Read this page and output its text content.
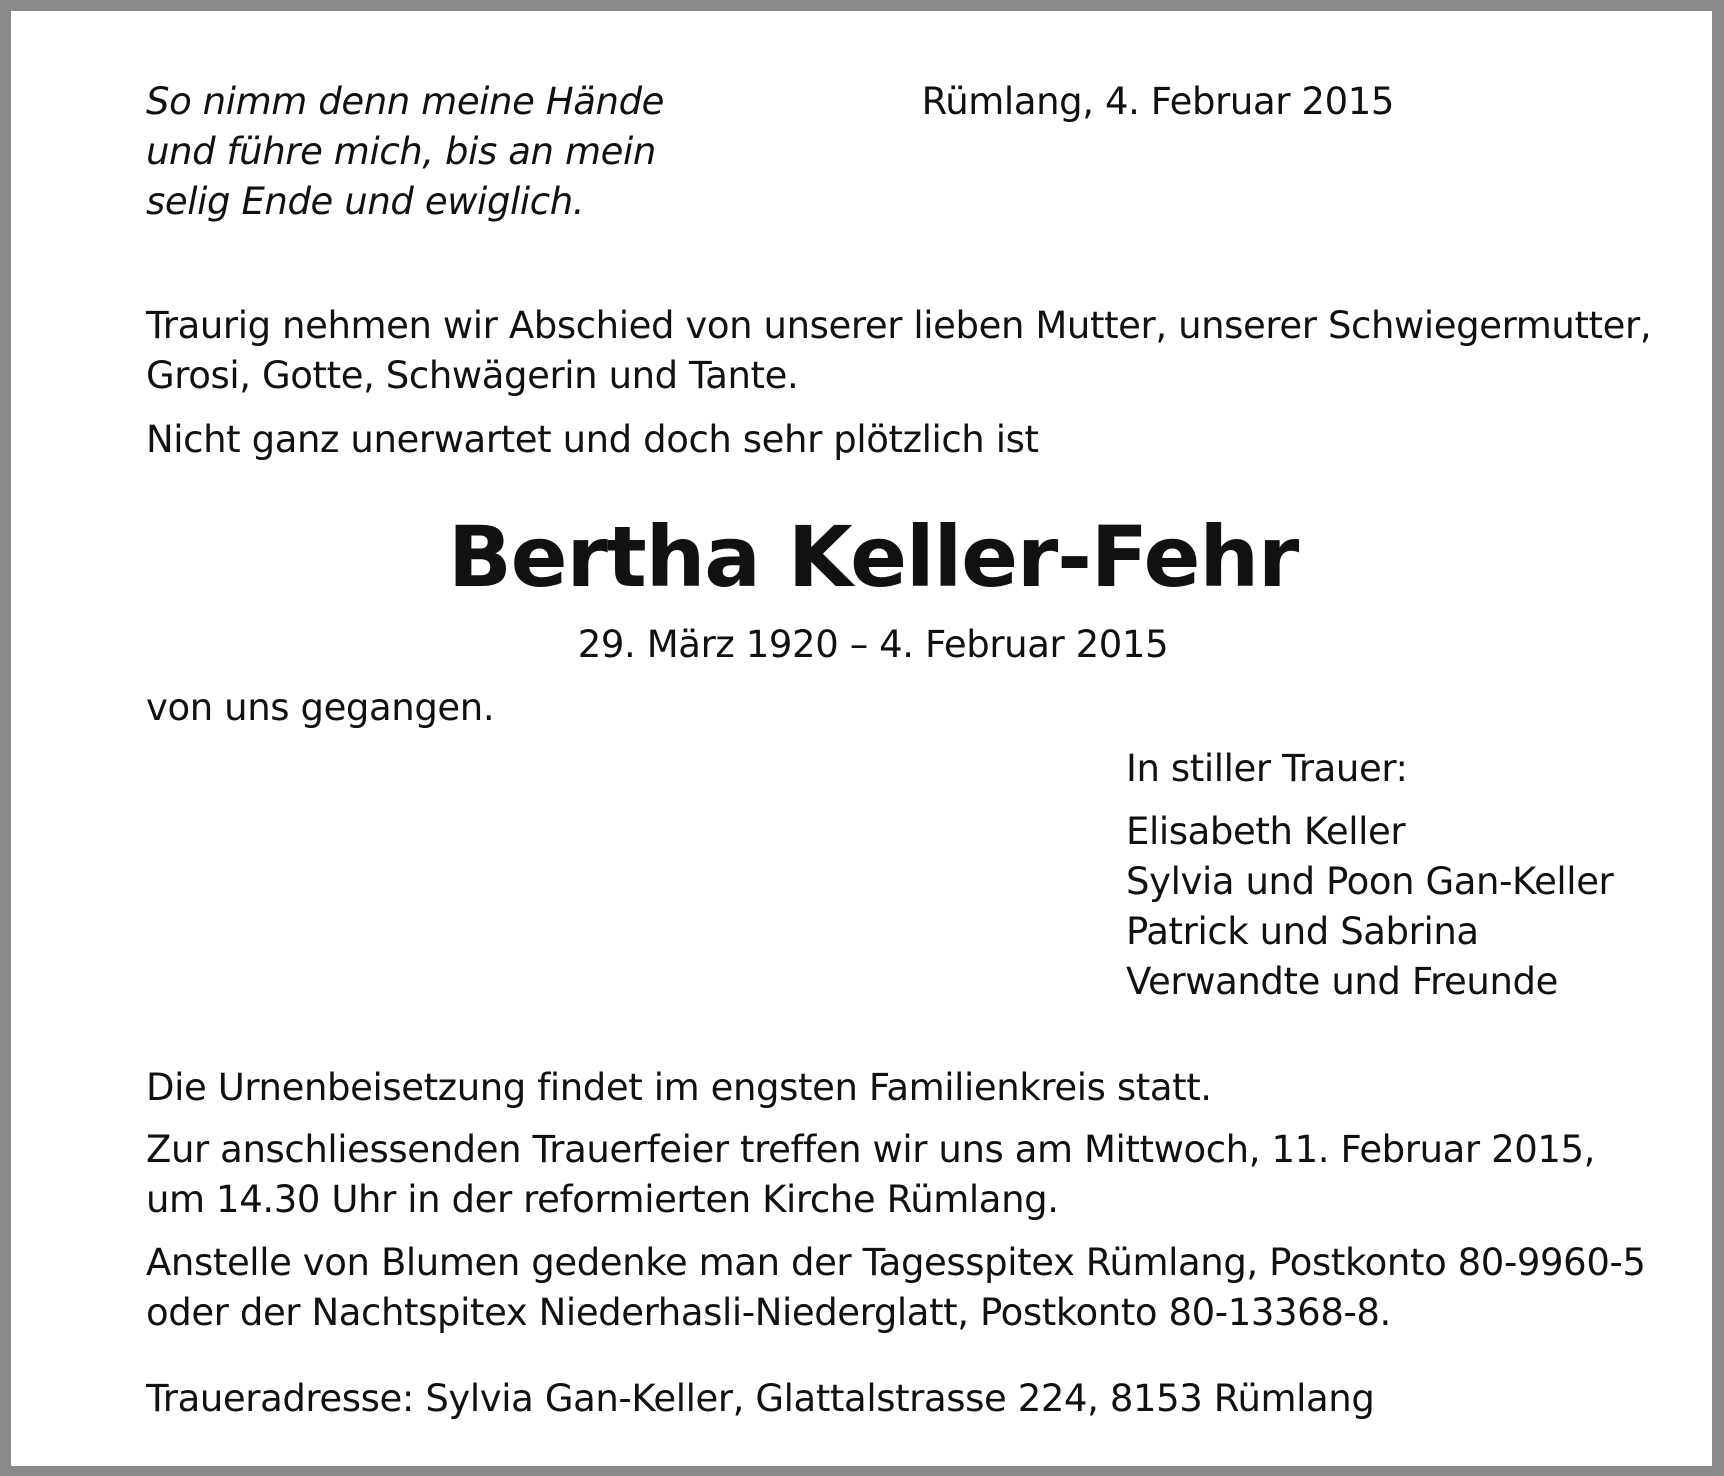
So nimm denn meine Hände
und führe mich, bis an mein
selig Ende und ewiglich.

Rümlang, 4. Februar 2015

Traurig nehmen wir Abschied von unserer lieben Mutter, unserer Schwiegermutter,
Grosi, Gotte, Schwägerin und Tante.

Nicht ganz unerwartet und doch sehr plötzlich ist

Bertha Keller-Fehr

29. März 1920 – 4. Februar 2015

von uns gegangen.

In stiller Trauer:

Elisabeth Keller
Sylvia und Poon Gan-Keller
Patrick und Sabrina
Verwandte und Freunde

Die Urnenbeisetzung findet im engsten Familienkreis statt.

Zur anschliessenden Trauerfeier treffen wir uns am Mittwoch, 11. Februar 2015,
um 14.30 Uhr in der reformierten Kirche Rümlang.

Anstelle von Blumen gedenke man der Tagesspitex Rümlang, Postkonto 80-9960-5
oder der Nachtspitex Niederhasli-Niederglatt, Postkonto 80-13368-8.

Traueradresse: Sylvia Gan-Keller, Glattalstrasse 224, 8153 Rümlang
